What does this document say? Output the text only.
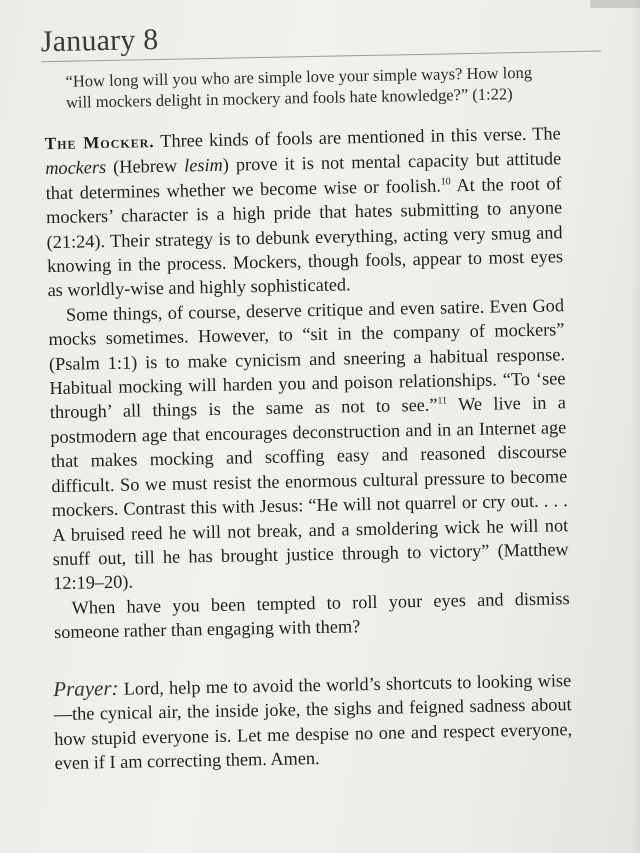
January 8
“How long will you who are simple love your simple ways? How long will mockers delight in mockery and fools hate knowledge?” (1:22)

The Mocker. Three kinds of fools are mentioned in this verse. The mockers (Hebrew lesim) prove it is not mental capacity but attitude that determines whether we become wise or foolish.$^{10}$ At the root of mockers’ character is a high pride that hates submitting to anyone (21:24). Their strategy is to debunk everything, acting very smug and knowing in the process. Mockers, though fools, appear to most eyes as worldly-wise and highly sophisticated.

Some things, of course, deserve critique and even satire. Even God mocks sometimes. However, to “sit in the company of mockers” (Psalm 1:1) is to make cynicism and sneering a habitual response. Habitual mocking will harden you and poison relationships. “To ‘see through’ all things is the same as not to see.”$^{11}$ We live in a postmodern age that encourages deconstruction and in an Internet age that makes mocking and scoffing easy and reasoned discourse difficult. So we must resist the enormous cultural pressure to become mockers. Contrast this with Jesus: “He will not quarrel or cry out. . . . A bruised reed he will not break, and a smoldering wick he will not snuff out, till he has brought justice through to victory” (Matthew 12:19–20).

When have you been tempted to roll your eyes and dismiss someone rather than engaging with them?

Prayer: Lord, help me to avoid the world’s shortcuts to looking wise—the cynical air, the inside joke, the sighs and feigned sadness about how stupid everyone is. Let me despise no one and respect everyone, even if I am correcting them. Amen.
